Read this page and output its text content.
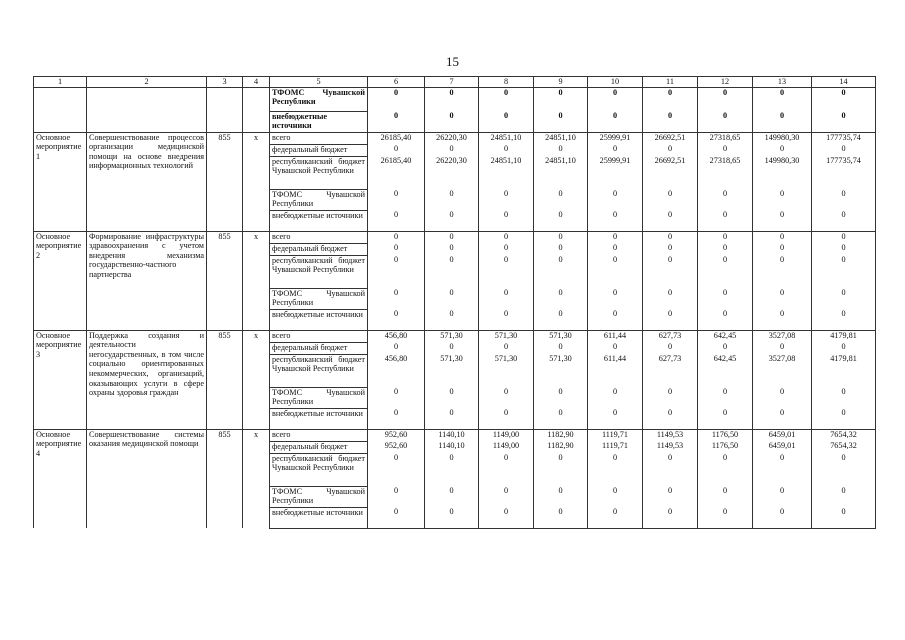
15
1	2	3	4	5	6	7	8	9	10	11	12	13	14
				ТФОМС Чувашской Республики	0	0	0	0	0	0	0	0	0
				внебюджетные источники	0	0	0	0	0	0	0	0	0
Основное мероприятие 1	Совершенствование процессов организации медицинской помощи на основе внедрения информационных технологий	855	x	всего	26185,40	26220,30	24851,10	24851,10	25999,91	26692,51	27318,65	149980,30	177735,74
				федеральный бюджет	0	0	0	0	0	0	0	0	0
				республиканский бюджет Чувашской Республики	26185,40	26220,30	24851,10	24851,10	25999,91	26692,51	27318,65	149980,30	177735,74
				ТФОМС Чувашской Республики	0	0	0	0	0	0	0	0	0
				внебюджетные источники	0	0	0	0	0	0	0	0	0
Основное мероприятие 2	Формирование инфраструктуры здравоохранения с учетом внедрения механизма государственно-частного партнерства	855	x	всего	0	0	0	0	0	0	0	0	0
				федеральный бюджет	0	0	0	0	0	0	0	0	0
				республиканский бюджет Чувашской Республики	0	0	0	0	0	0	0	0	0
				ТФОМС Чувашской Республики	0	0	0	0	0	0	0	0	0
				внебюджетные источники	0	0	0	0	0	0	0	0	0
Основное мероприятие 3	Поддержка создания и деятельности негосударственных, в том числе социально ориентированных некоммерческих, организаций, оказывающих услуги в сфере охраны здоровья граждан	855	x	всего	456,80	571,30	571,30	571,30	611,44	627,73	642,45	3527,08	4179,81
				федеральный бюджет	0	0	0	0	0	0	0	0	0
				республиканский бюджет Чувашской Республики	456,80	571,30	571,30	571,30	611,44	627,73	642,45	3527,08	4179,81
				ТФОМС Чувашской Республики	0	0	0	0	0	0	0	0	0
				внебюджетные источники	0	0	0	0	0	0	0	0	0
Основное мероприятие 4	Совершенствование системы оказания медицинской помощи	855	x	всего	952,60	1140,10	1149,00	1182,90	1119,71	1149,53	1176,50	6459,01	7654,32
				федеральный бюджет	952,60	1140,10	1149,00	1182,90	1119,71	1149,53	1176,50	6459,01	7654,32
				республиканский бюджет Чувашской Республики	0	0	0	0	0	0	0	0	0
				ТФОМС Чувашской Республики	0	0	0	0	0	0	0	0	0
				внебюджетные источники	0	0	0	0	0	0	0	0	0
